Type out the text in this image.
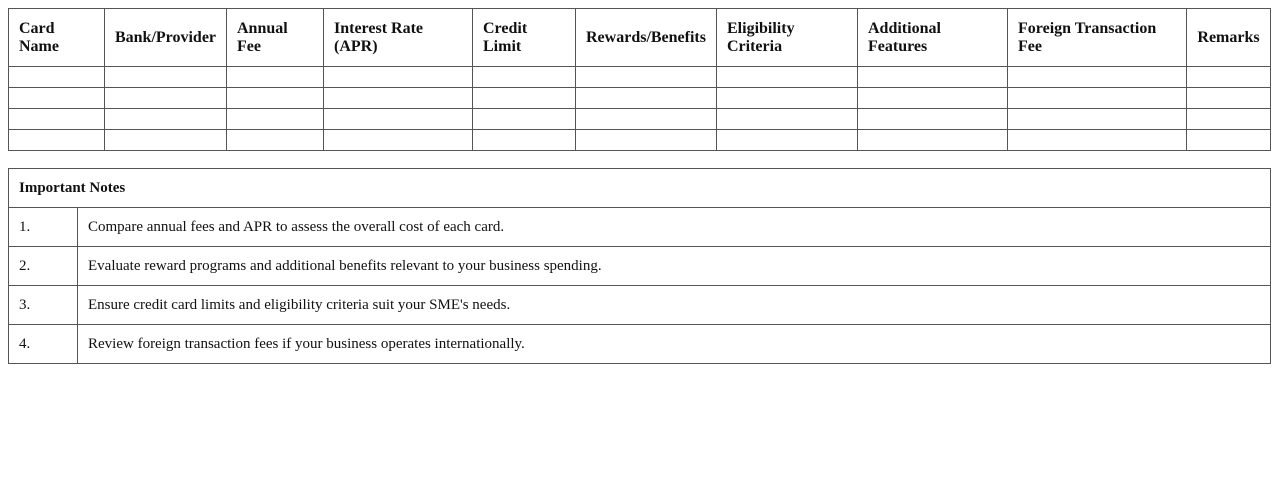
Card Name	Bank/Provider	Annual Fee	Interest Rate (APR)	Credit Limit	Rewards/Benefits	Eligibility Criteria	Additional Features	Foreign Transaction Fee	Remarks

Important Notes	
1.	Compare annual fees and APR to assess the overall cost of each card.
2.	Evaluate reward programs and additional benefits relevant to your business spending.
3.	Ensure credit card limits and eligibility criteria suit your SME's needs.
4.	Review foreign transaction fees if your business operates internationally.
